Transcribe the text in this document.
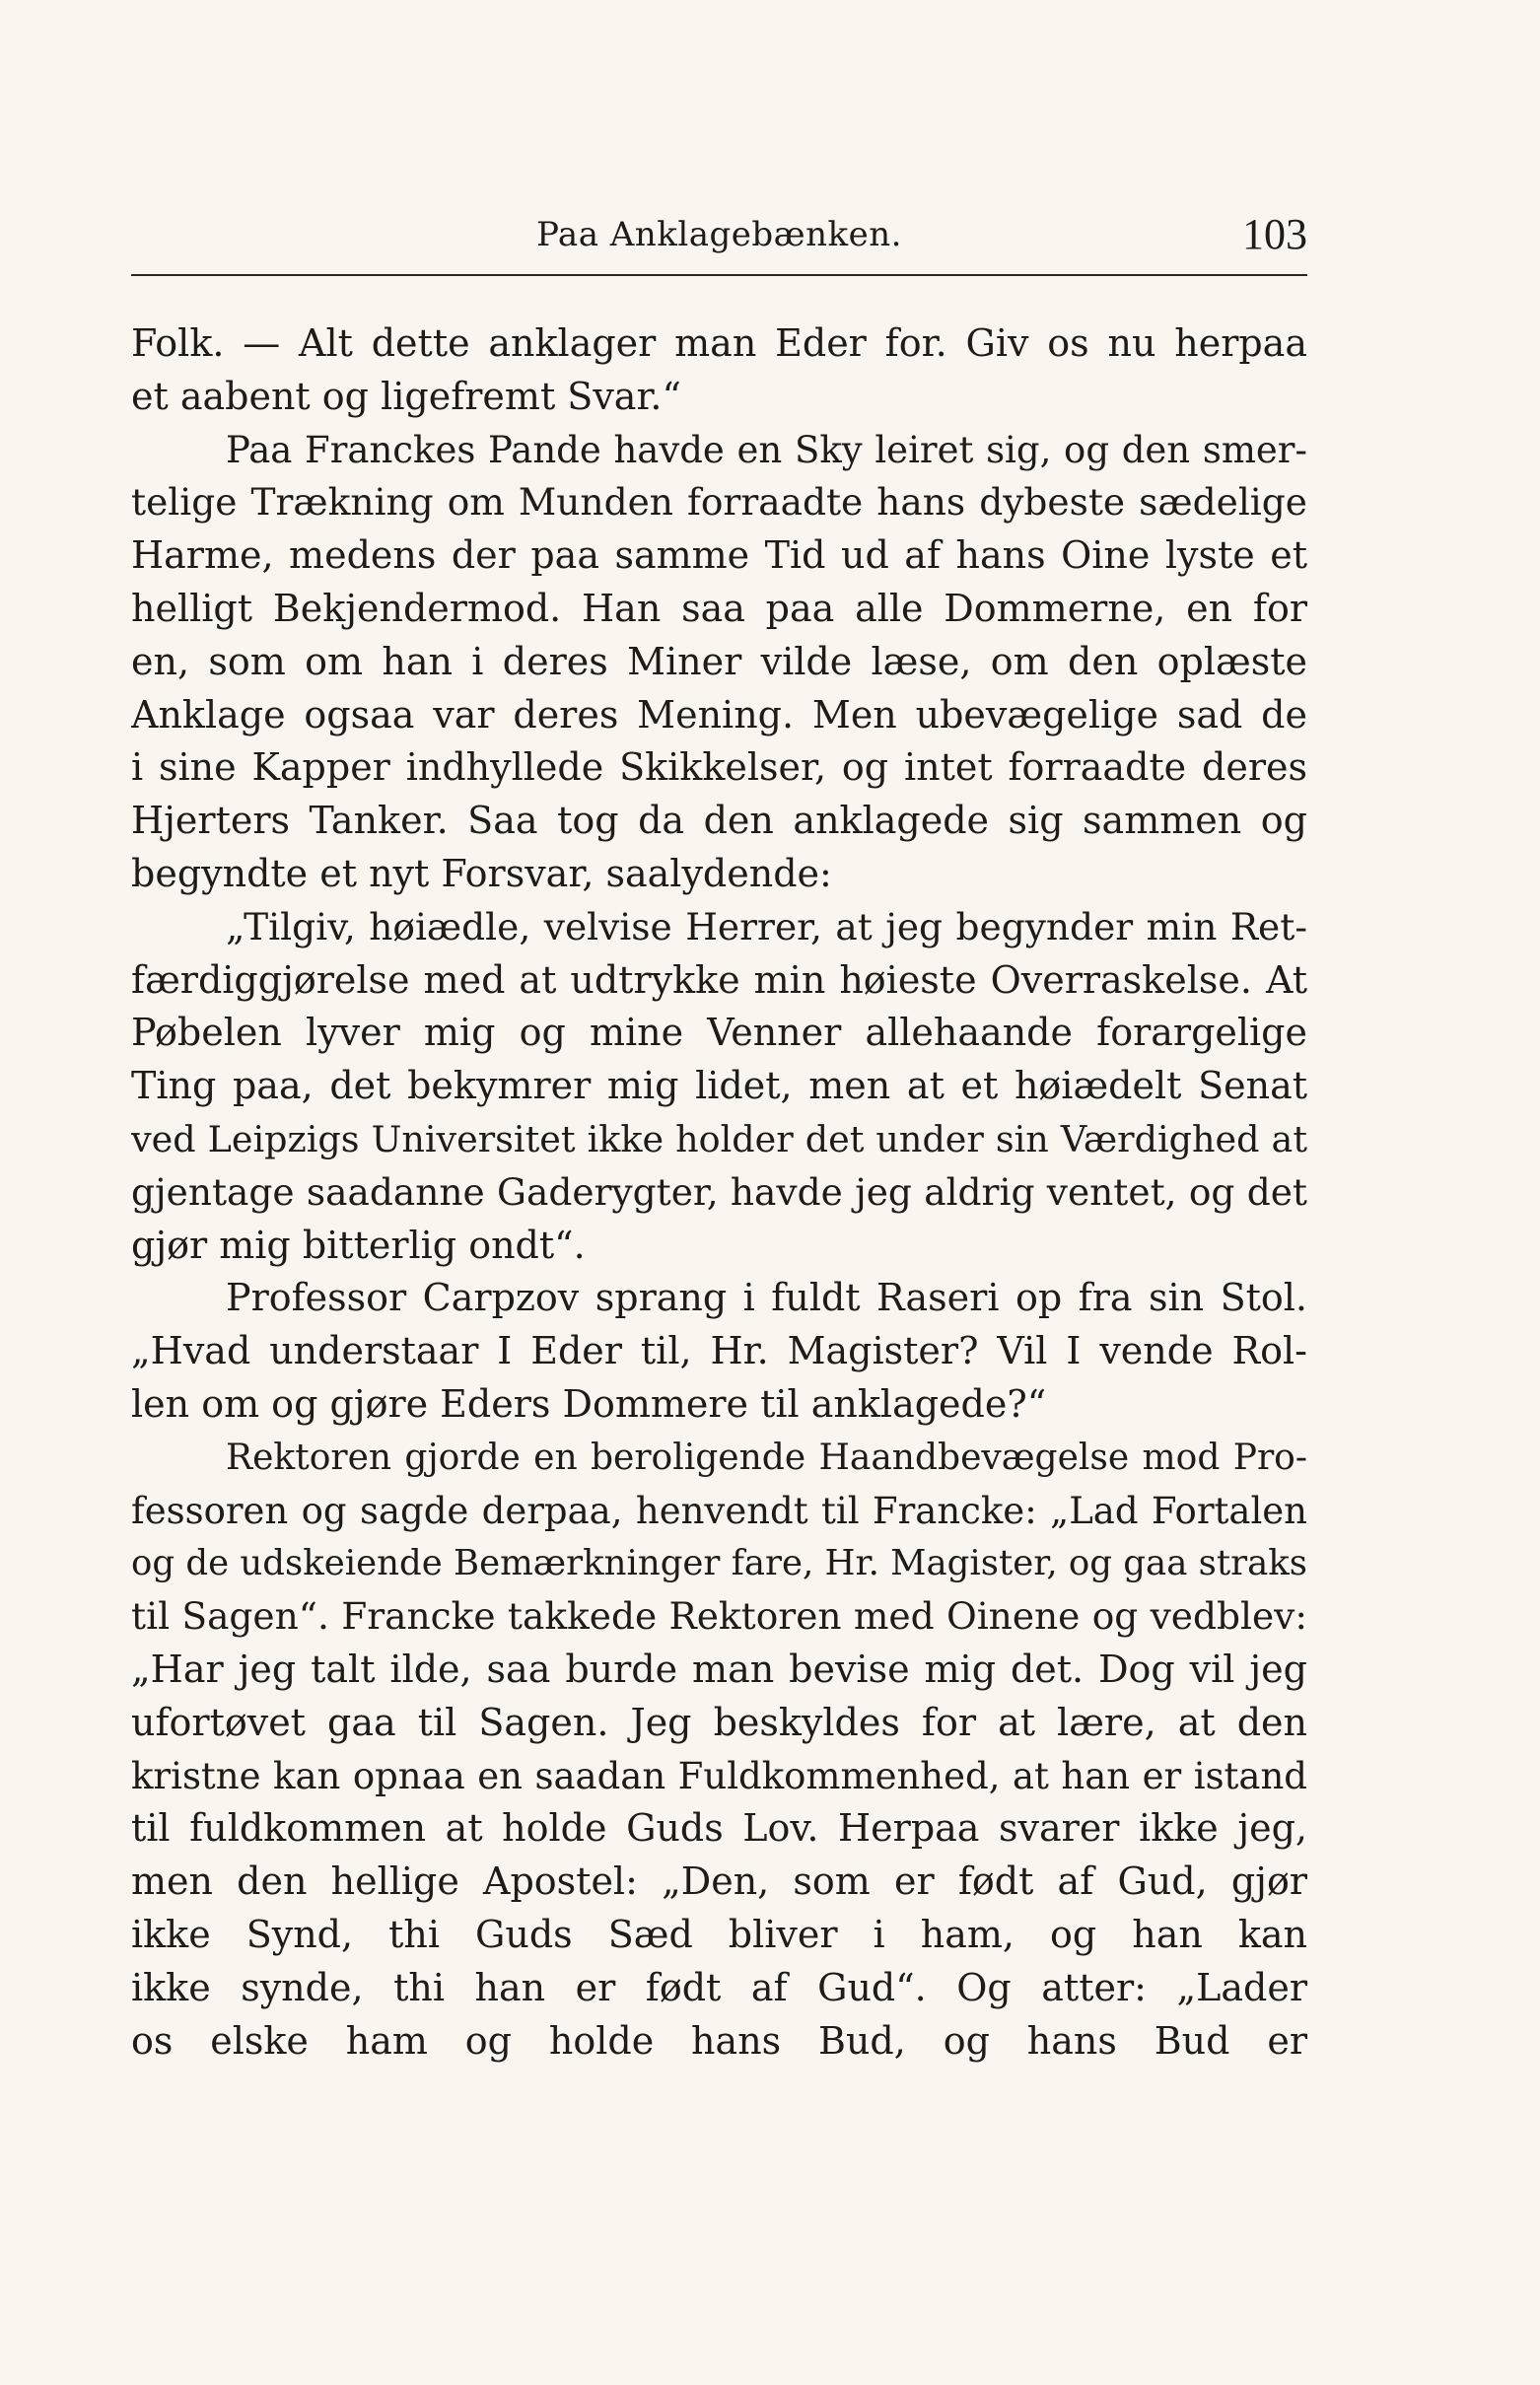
Paa Anklagebænken.	103
Folk. — Alt dette anklager man Eder for. Giv os nu herpaa
et aabent og ligefremt Svar.“
Paa Franckes Pande havde en Sky leiret sig, og den smer-
telige Trækning om Munden forraadte hans dybeste sædelige
Harme, medens der paa samme Tid ud af hans Oine lyste et
helligt Bekjendermod. Han saa paa alle Dommerne, en for
en, som om han i deres Miner vilde læse, om den oplæste
Anklage ogsaa var deres Mening. Men ubevægelige sad de
i sine Kapper indhyllede Skikkelser, og intet forraadte deres
Hjerters Tanker. Saa tog da den anklagede sig sammen og
begyndte et nyt Forsvar, saalydende:
„Tilgiv, høiædle, velvise Herrer, at jeg begynder min Ret-
færdiggjørelse med at udtrykke min høieste Overraskelse. At
Pøbelen lyver mig og mine Venner allehaande forargelige
Ting paa, det bekymrer mig lidet, men at et høiædelt Senat
ved Leipzigs Universitet ikke holder det under sin Værdighed at
gjentage saadanne Gaderygter, havde jeg aldrig ventet, og det
gjør mig bitterlig ondt“.
Professor Carpzov sprang i fuldt Raseri op fra sin Stol.
„Hvad understaar I Eder til, Hr. Magister? Vil I vende Rol-
len om og gjøre Eders Dommere til anklagede?“
Rektoren gjorde en beroligende Haandbevægelse mod Pro-
fessoren og sagde derpaa, henvendt til Francke: „Lad Fortalen
og de udskeiende Bemærkninger fare, Hr. Magister, og gaa straks
til Sagen“. Francke takkede Rektoren med Oinene og vedblev:
„Har jeg talt ilde, saa burde man bevise mig det. Dog vil jeg
ufortøvet gaa til Sagen. Jeg beskyldes for at lære, at den
kristne kan opnaa en saadan Fuldkommenhed, at han er istand
til fuldkommen at holde Guds Lov. Herpaa svarer ikke jeg,
men den hellige Apostel: „Den, som er født af Gud, gjør
ikke Synd, thi Guds Sæd bliver i ham, og han kan
ikke synde, thi han er født af Gud“. Og atter: „Lader
os elske ham og holde hans Bud, og hans Bud er
